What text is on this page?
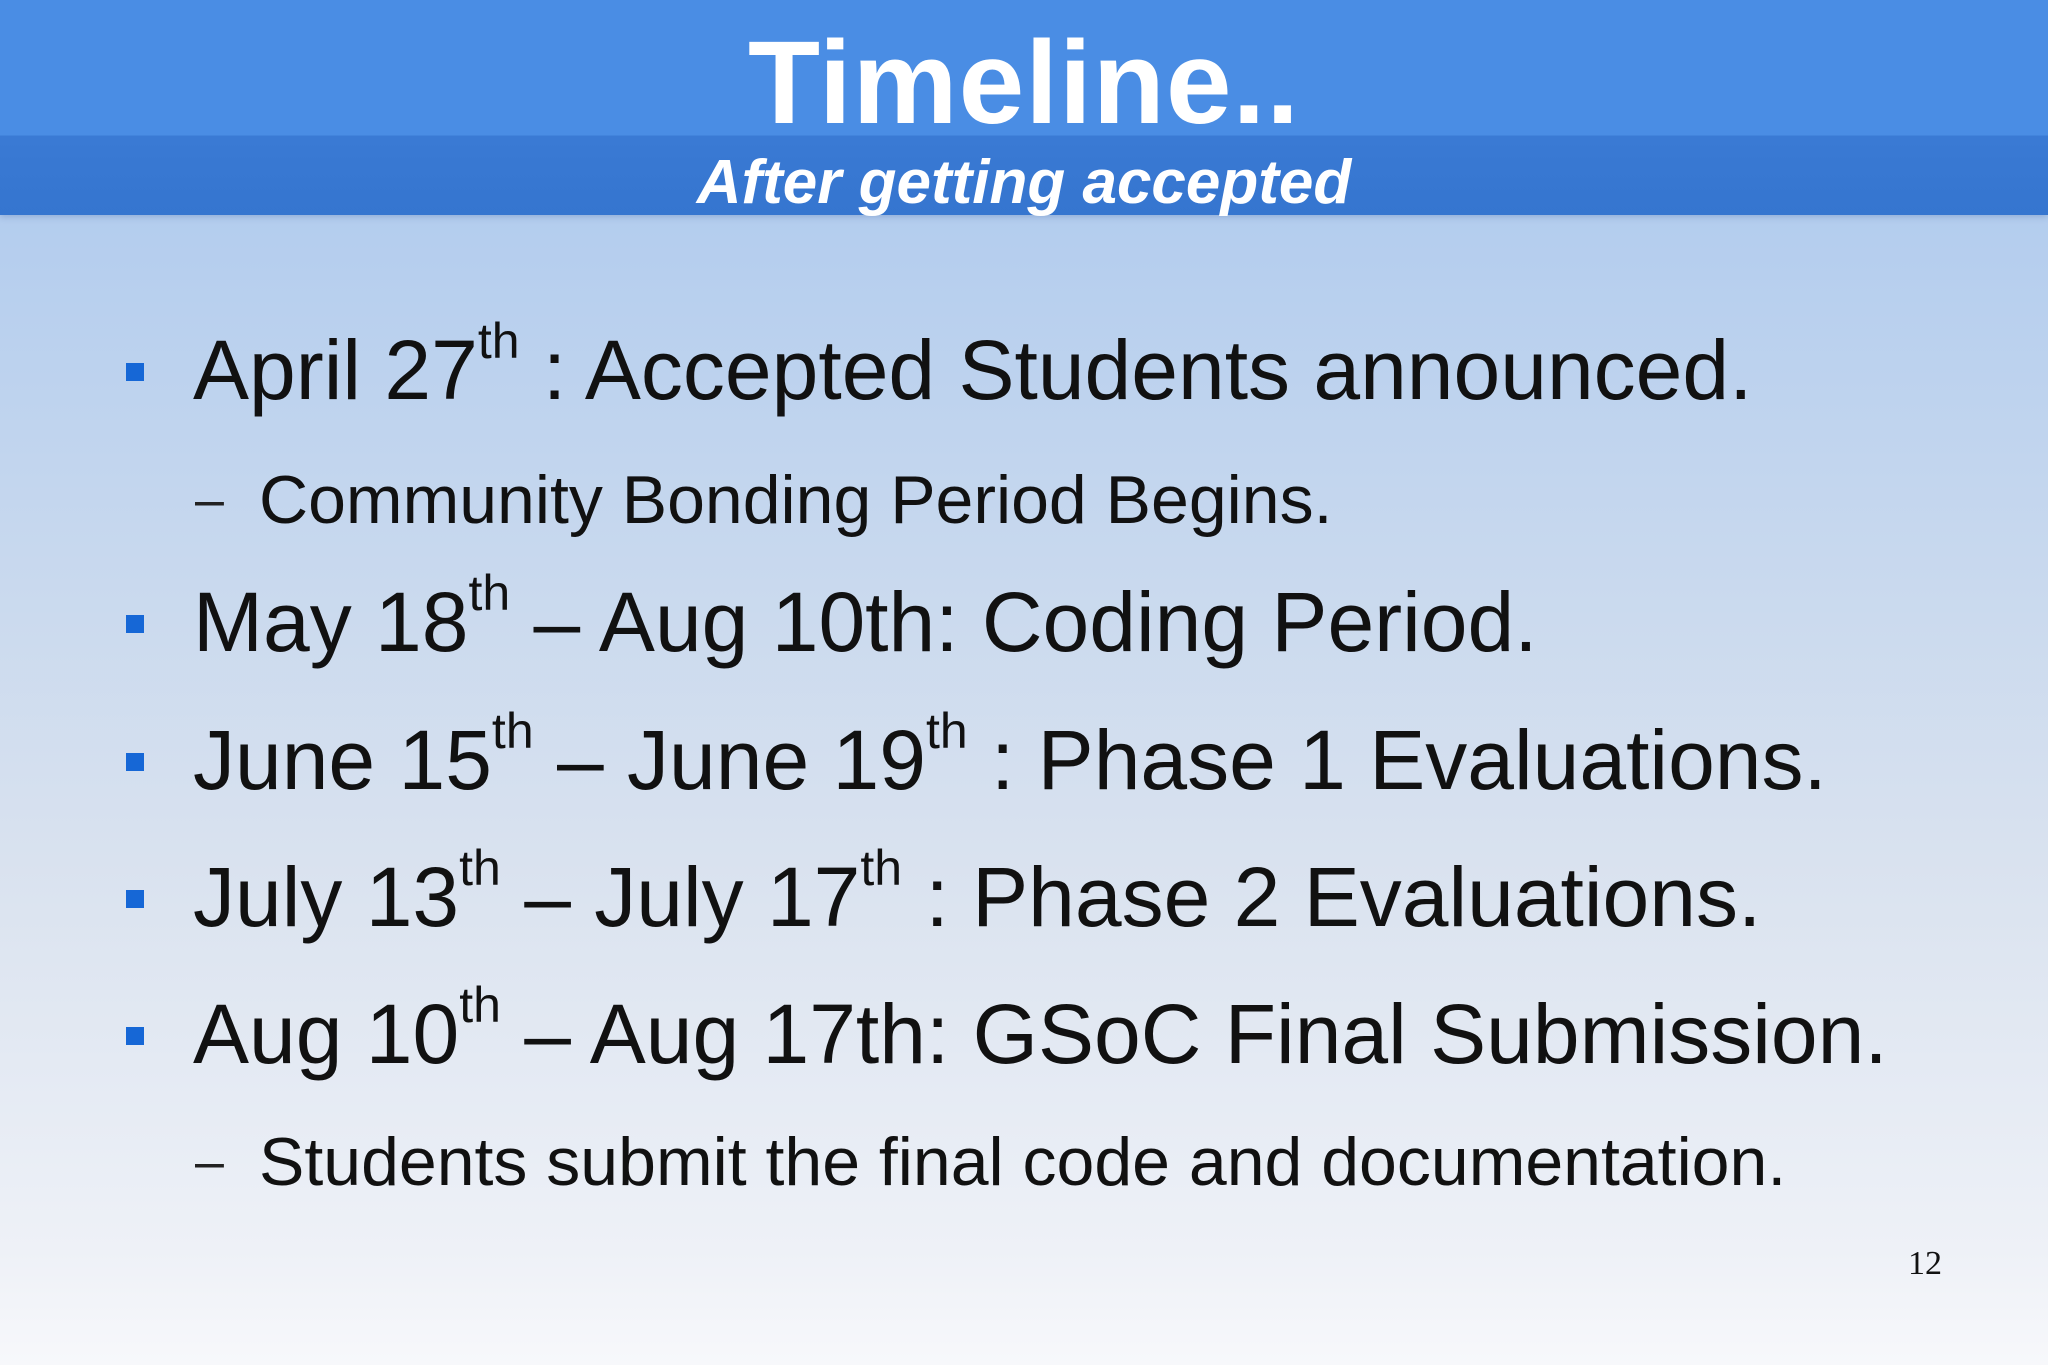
Timeline..
After getting accepted
April 27th : Accepted Students announced.
– Community Bonding Period Begins.
May 18th – Aug 10th: Coding Period.
June 15th – June 19th : Phase 1 Evaluations.
July 13th – July 17th : Phase 2 Evaluations.
Aug 10th – Aug 17th: GSoC Final Submission.
– Students submit the final code and documentation.
12
